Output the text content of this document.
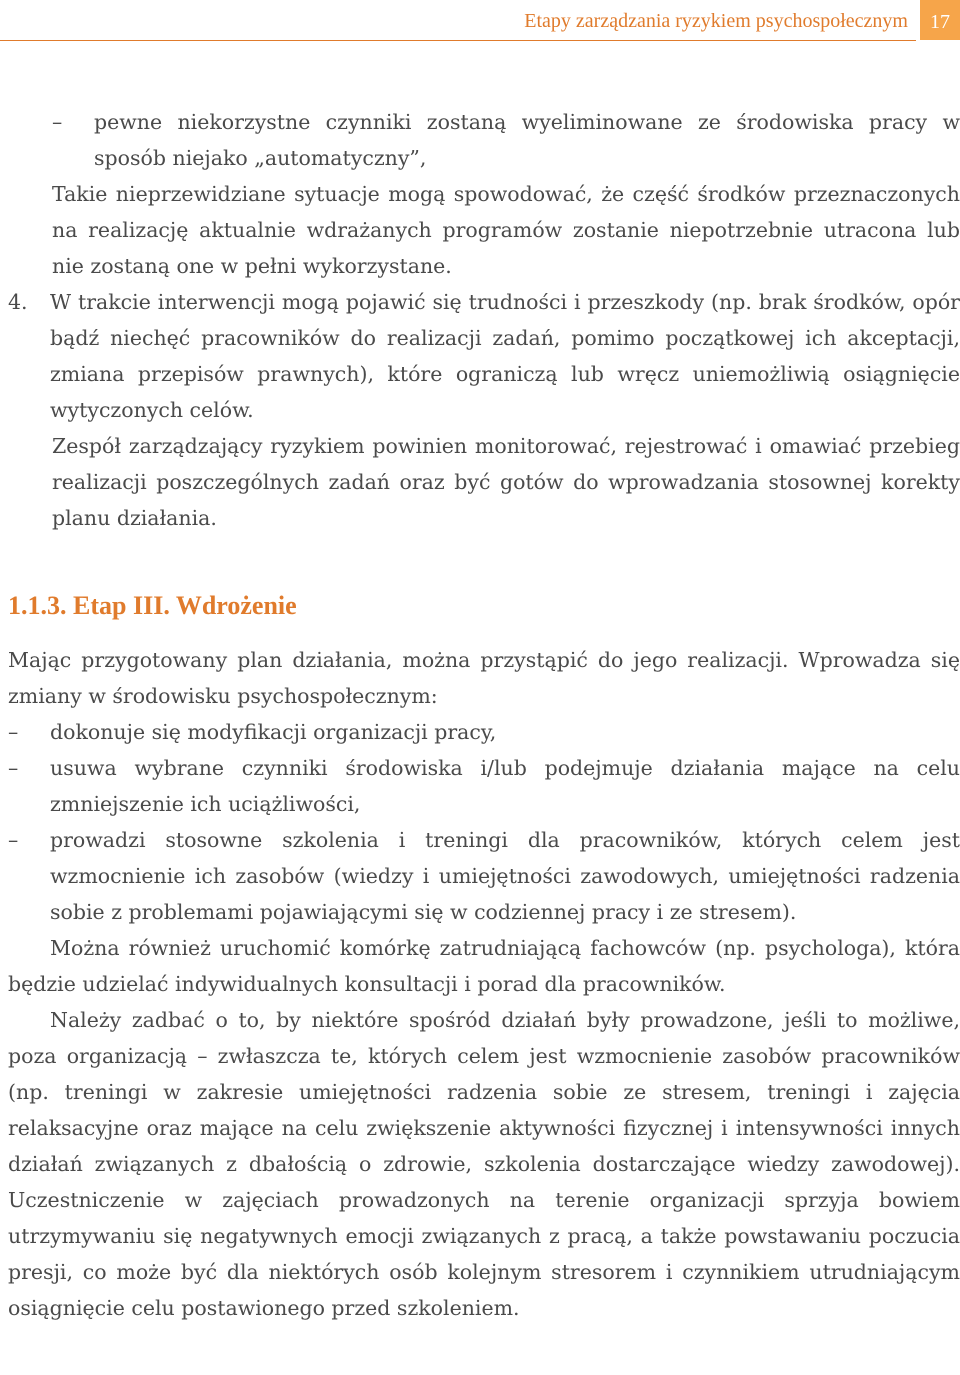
Etapy zarządzania ryzykiem psychospołecznym	17

– pewne niekorzystne czynniki zostaną wyeliminowane ze środowiska pracy w sposób niejako „automatyczny”,

Takie nieprzewidziane sytuacje mogą spowodować, że część środków przeznaczonych na realizację aktualnie wdrażanych programów zostanie niepotrzebnie utracona lub nie zostaną one w pełni wykorzystane.

4. W trakcie interwencji mogą pojawić się trudności i przeszkody (np. brak środków, opór bądź niechęć pracowników do realizacji zadań, pomimo początkowej ich akceptacji, zmiana przepisów prawnych), które ograniczą lub wręcz uniemożliwią osiągnięcie wytyczonych celów.

Zespół zarządzający ryzykiem powinien monitorować, rejestrować i omawiać przebieg realizacji poszczególnych zadań oraz być gotów do wprowadzania stosownej korekty planu działania.

1.1.3. Etap III. Wdrożenie

Mając przygotowany plan działania, można przystąpić do jego realizacji. Wprowadza się zmiany w środowisku psychospołecznym:

– dokonuje się modyfikacji organizacji pracy,

– usuwa wybrane czynniki środowiska i/lub podejmuje działania mające na celu zmniejszenie ich uciążliwości,

– prowadzi stosowne szkolenia i treningi dla pracowników, których celem jest wzmocnienie ich zasobów (wiedzy i umiejętności zawodowych, umiejętności radzenia sobie z problemami pojawiającymi się w codziennej pracy i ze stresem).

Można również uruchomić komórkę zatrudniającą fachowców (np. psychologa), która będzie udzielać indywidualnych konsultacji i porad dla pracowników.

Należy zadbać o to, by niektóre spośród działań były prowadzone, jeśli to możliwe, poza organizacją – zwłaszcza te, których celem jest wzmocnienie zasobów pracowników (np. treningi w zakresie umiejętności radzenia sobie ze stresem, treningi i zajęcia relaksacyjne oraz mające na celu zwiększenie aktywności fizycznej i intensywności innych działań związanych z dbałością o zdrowie, szkolenia dostarczające wiedzy zawodowej). Uczestniczenie w zajęciach prowadzonych na terenie organizacji sprzyja bowiem utrzymywaniu się negatywnych emocji związanych z pracą, a także powstawaniu poczucia presji, co może być dla niektórych osób kolejnym stresorem i czynnikiem utrudniającym osiągnięcie celu postawionego przed szkoleniem.
